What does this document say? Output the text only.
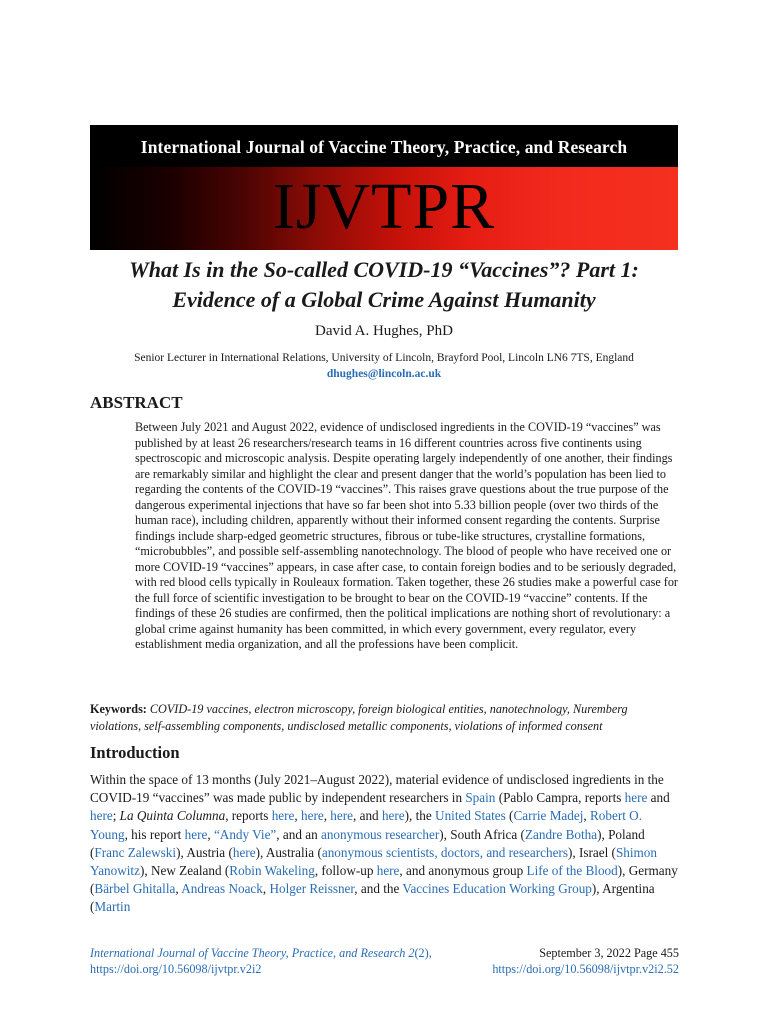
International Journal of Vaccine Theory, Practice, and Research
IJVTPR
What Is in the So-called COVID-19 “Vaccines”? Part 1:
Evidence of a Global Crime Against Humanity
David A. Hughes, PhD
Senior Lecturer in International Relations, University of Lincoln, Brayford Pool, Lincoln LN6 7TS, England
dhughes@lincoln.ac.uk
ABSTRACT

Between July 2021 and August 2022, evidence of undisclosed ingredients in the COVID-19 “vaccines” was published by at least 26 researchers/research teams in 16 different countries across five continents using spectroscopic and microscopic analysis. Despite operating largely independently of one another, their findings are remarkably similar and highlight the clear and present danger that the world’s population has been lied to regarding the contents of the COVID-19 “vaccines”. This raises grave questions about the true purpose of the dangerous experimental injections that have so far been shot into 5.33 billion people (over two thirds of the human race), including children, apparently without their informed consent regarding the contents. Surprise findings include sharp-edged geometric structures, fibrous or tube-like structures, crystalline formations, “microbubbles”, and possible self-assembling nanotechnology. The blood of people who have received one or more COVID-19 “vaccines” appears, in case after case, to contain foreign bodies and to be seriously degraded, with red blood cells typically in Rouleaux formation. Taken together, these 26 studies make a powerful case for the full force of scientific investigation to be brought to bear on the COVID-19 “vaccine” contents. If the findings of these 26 studies are confirmed, then the political implications are nothing short of revolutionary: a global crime against humanity has been committed, in which every government, every regulator, every establishment media organization, and all the professions have been complicit.

Keywords: COVID-19 vaccines, electron microscopy, foreign biological entities, nanotechnology, Nuremberg violations, self-assembling components, undisclosed metallic components, violations of informed consent

Introduction

Within the space of 13 months (July 2021–August 2022), material evidence of undisclosed ingredients in the COVID-19 “vaccines” was made public by independent researchers in Spain (Pablo Campra, reports here and here; La Quinta Columna, reports here, here, here, and here), the United States (Carrie Madej, Robert O. Young, his report here, “Andy Vie”, and an anonymous researcher), South Africa (Zandre Botha), Poland (Franc Zalewski), Austria (here), Australia (anonymous scientists, doctors, and researchers), Israel (Shimon Yanowitz), New Zealand (Robin Wakeling, follow-up here, and anonymous group Life of the Blood), Germany (Bärbel Ghitalla, Andreas Noack, Holger Reissner, and the Vaccines Education Working Group), Argentina (Martin

International Journal of Vaccine Theory, Practice, and Research 2(2),
https://doi.org/10.56098/ijvtpr.v2i2
September 3, 2022 Page 455
https://doi.org/10.56098/ijvtpr.v2i2.52
